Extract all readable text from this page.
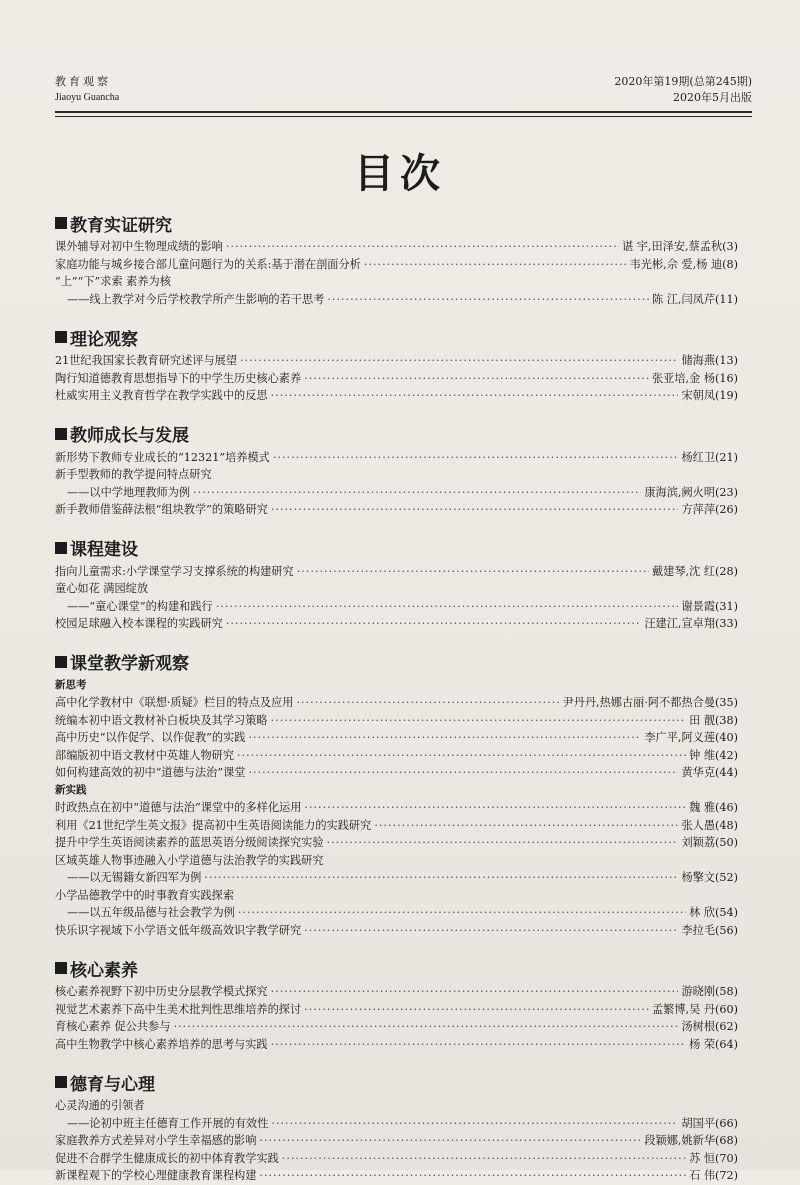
教育观察
Jiaoyu Guancha
2020年第19期(总第245期)
2020年5月出版
目次
教育实证研究
课外辅导对初中生物理成绩的影响 ·····	谌 宇,田泽安,蔡孟秋(3)
家庭功能与城乡接合部儿童问题行为的关系:基于潜在剖面分析 ·····	韦光彬,佘 爱,杨 迪(8)
“上”“下”求索 素养为核
——线上教学对今后学校教学所产生影响的若干思考 ·····	陈 江,闫凤芹(11)
理论观察
21世纪我国家长教育研究述评与展望 ·····	储海燕(13)
陶行知道德教育思想指导下的中学生历史核心素养 ·····	张亚培,金 杨(16)
杜威实用主义教育哲学在教学实践中的反思 ·····	宋朝凤(19)
教师成长与发展
新形势下教师专业成长的“12321”培养模式 ·····	杨红卫(21)
新手型教师的教学提问特点研究
——以中学地理教师为例 ·····	康海滨,阙火明(23)
新手教师借鉴薛法根“组块教学”的策略研究 ·····	方萍萍(26)
课程建设
指向儿童需求:小学课堂学习支撑系统的构建研究 ·····	戴建琴,沈 红(28)
童心如花 满园绽放
——“童心课堂”的构建和践行 ·····	谢景霞(31)
校园足球融入校本课程的实践研究 ·····	汪建江,宣卓翔(33)
课堂教学新观察
新思考
高中化学教材中《联想·质疑》栏目的特点及应用 ·····	尹丹丹,热娜古丽·阿不都热合曼(35)
统编本初中语文教材补白板块及其学习策略 ·····	田 靓(38)
高中历史“以作促学、以作促教”的实践 ·····	李广平,阿义莲(40)
部编版初中语文教材中英雄人物研究 ·····	钟 维(42)
如何构建高效的初中“道德与法治”课堂 ·····	黄华克(44)
新实践
时政热点在初中“道德与法治”课堂中的多样化运用 ·····	魏 雅(46)
利用《21世纪学生英文报》提高初中生英语阅读能力的实践研究 ·····	张人愚(48)
提升中学生英语阅读素养的蓝思英语分级阅读探究实验 ·····	刘颖荔(50)
区域英雄人物事迹融入小学道德与法治教学的实践研究
——以无锡籍女新四军为例 ·····	杨擎文(52)
小学品德教学中的时事教育实践探索
——以五年级品德与社会教学为例 ·····	林 欣(54)
快乐识字视域下小学语文低年级高效识字教学研究 ·····	李拉毛(56)
核心素养
核心素养视野下初中历史分层教学模式探究 ·····	游晓刚(58)
视觉艺术素养下高中生美术批判性思维培养的探讨 ·····	孟繁博,吴 丹(60)
育核心素养 促公共参与 ·····	汤树根(62)
高中生物教学中核心素养培养的思考与实践 ·····	杨 荣(64)
德育与心理
心灵沟通的引领者
——论初中班主任德育工作开展的有效性 ·····	胡国平(66)
家庭教养方式差异对小学生幸福感的影响 ·····	段颖娜,姚新华(68)
促进不合群学生健康成长的初中体育教学实践 ·····	苏 恒(70)
新课程观下的学校心理健康教育课程构建 ·····	石 伟(72)
